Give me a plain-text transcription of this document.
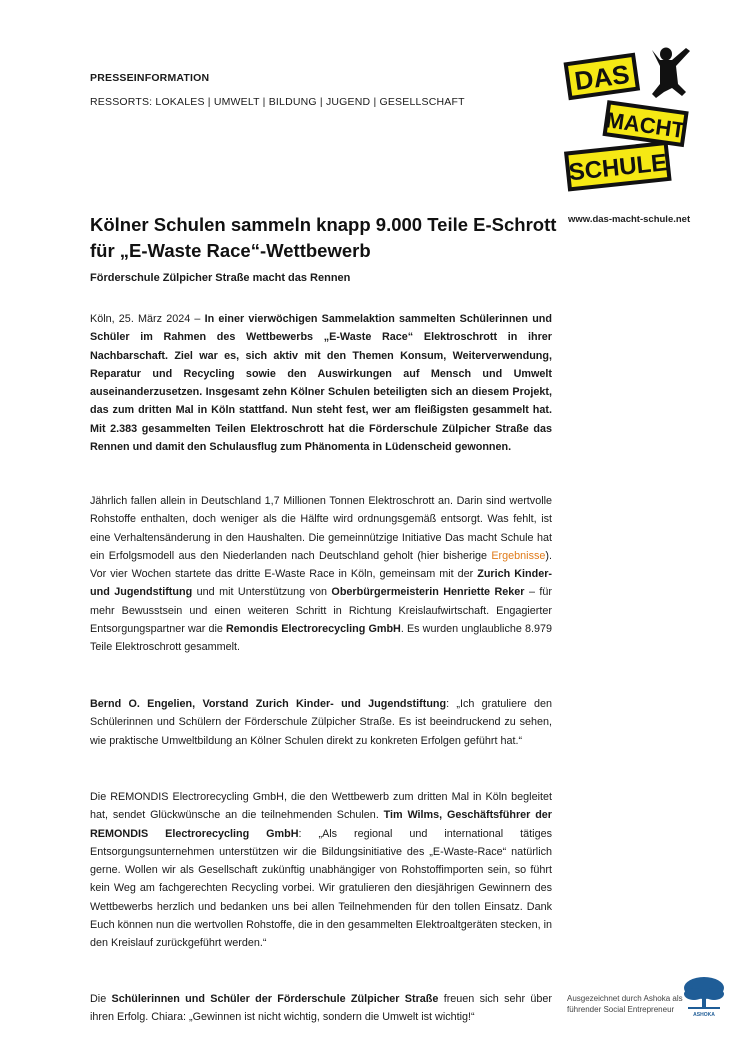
PRESSEINFORMATION
RESSORTS: LOKALES | UMWELT | BILDUNG | JUGEND | GESELLSCHAFT
DAS
MACHT
SCHULE
www.das-macht-schule.net
Kölner Schulen sammeln knapp 9.000 Teile E-Schrott
für „E-Waste Race“-Wettbewerb
Förderschule Zülpicher Straße macht das Rennen

Köln, 25. März 2024 – In einer vierwöchigen Sammelaktion sammelten Schülerinnen und Schüler im Rahmen des Wettbewerbs „E-Waste Race“ Elektroschrott in ihrer Nachbarschaft. Ziel war es, sich aktiv mit den Themen Konsum, Weiterverwendung, Reparatur und Recycling sowie den Auswirkungen auf Mensch und Umwelt auseinanderzusetzen. Insgesamt zehn Kölner Schulen beteiligten sich an diesem Projekt, das zum dritten Mal in Köln stattfand. Nun steht fest, wer am fleißigsten gesammelt hat. Mit 2.383 gesammelten Teilen Elektroschrott hat die Förderschule Zülpicher Straße das Rennen und damit den Schulausflug zum Phänomenta in Lüdenscheid gewonnen.

Jährlich fallen allein in Deutschland 1,7 Millionen Tonnen Elektroschrott an. Darin sind wertvolle Rohstoffe enthalten, doch weniger als die Hälfte wird ordnungsgemäß entsorgt. Was fehlt, ist eine Verhaltensänderung in den Haushalten. Die gemeinnützige Initiative Das macht Schule hat ein Erfolgsmodell aus den Niederlanden nach Deutschland geholt (hier bisherige Ergebnisse). Vor vier Wochen startete das dritte E-Waste Race in Köln, gemeinsam mit der Zurich Kinder- und Jugendstiftung und mit Unterstützung von Oberbürgermeisterin Henriette Reker – für mehr Bewusstsein und einen weiteren Schritt in Richtung Kreislaufwirtschaft. Engagierter Entsorgungspartner war die Remondis Electrorecycling GmbH. Es wurden unglaubliche 8.979 Teile Elektroschrott gesammelt.

Bernd O. Engelien, Vorstand Zurich Kinder- und Jugendstiftung: „Ich gratuliere den Schülerinnen und Schülern der Förderschule Zülpicher Straße. Es ist beeindruckend zu sehen, wie praktische Umweltbildung an Kölner Schulen direkt zu konkreten Erfolgen geführt hat.“

Die REMONDIS Electrorecycling GmbH, die den Wettbewerb zum dritten Mal in Köln begleitet hat, sendet Glückwünsche an die teilnehmenden Schulen. Tim Wilms, Geschäftsführer der REMONDIS Electrorecycling GmbH: „Als regional und international tätiges Entsorgungsunternehmen unterstützen wir die Bildungsinitiative des „E-Waste-Race“ natürlich gerne. Wollen wir als Gesellschaft zukünftig unabhängiger von Rohstoffimporten sein, so führt kein Weg am fachgerechten Recycling vorbei. Wir gratulieren den diesjährigen Gewinnern des Wettbewerbs herzlich und bedanken uns bei allen Teilnehmenden für den tollen Einsatz. Dank Euch können nun die wertvollen Rohstoffe, die in den gesammelten Elektroaltgeräten stecken, in den Kreislauf zurückgeführt werden.“

Die Schülerinnen und Schüler der Förderschule Zülpicher Straße freuen sich sehr über ihren Erfolg. Chiara: „Gewinnen ist nicht wichtig, sondern die Umwelt ist wichtig!“

Ausgezeichnet durch Ashoka als
führender Social Entrepreneur
ASHOKA
